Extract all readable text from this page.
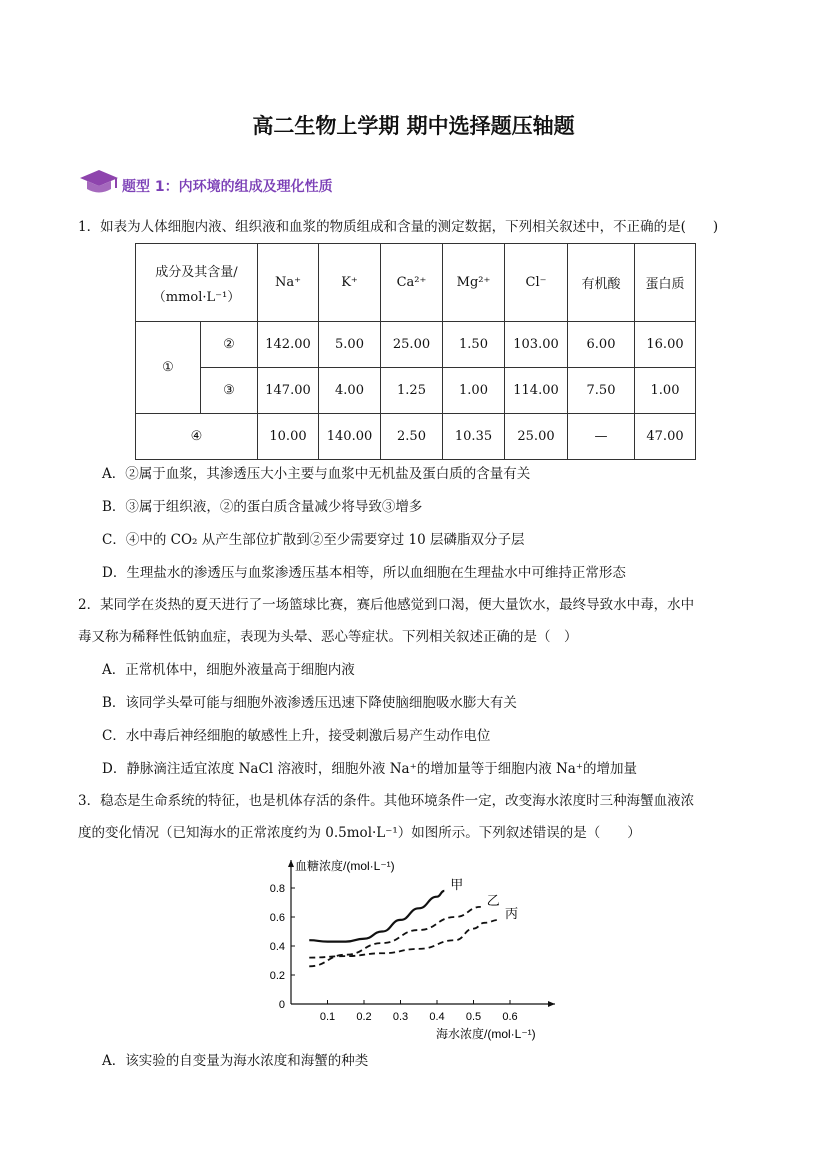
高二生物上学期 期中选择题压轴题
题型 1：内环境的组成及理化性质
1．如表为人体细胞内液、组织液和血浆的物质组成和含量的测定数据，下列相关叙述中，不正确的是(　　)
成分及其含量/
（mmol·L⁻¹）		Na⁺	K⁺	Ca²⁺	Mg²⁺	Cl⁻	有机酸	蛋白质
①	②	142.00	5.00	25.00	1.50	103.00	6.00	16.00
	③	147.00	4.00	1.25	1.00	114.00	7.50	1.00
④		10.00	140.00	2.50	10.35	25.00	—	47.00
A．②属于血浆，其渗透压大小主要与血浆中无机盐及蛋白质的含量有关
B．③属于组织液，②的蛋白质含量减少将导致③增多
C．④中的 CO₂ 从产生部位扩散到②至少需要穿过 10 层磷脂双分子层
D．生理盐水的渗透压与血浆渗透压基本相等，所以血细胞在生理盐水中可维持正常形态
2．某同学在炎热的夏天进行了一场篮球比赛，赛后他感觉到口渴，便大量饮水，最终导致水中毒，水中
毒又称为稀释性低钠血症，表现为头晕、恶心等症状。下列相关叙述正确的是（　）
A．正常机体中，细胞外液量高于细胞内液
B．该同学头晕可能与细胞外液渗透压迅速下降使脑细胞吸水膨大有关
C．水中毒后神经细胞的敏感性上升，接受刺激后易产生动作电位
D．静脉滴注适宜浓度 NaCl 溶液时，细胞外液 Na⁺的增加量等于细胞内液 Na⁺的增加量
3．稳态是生命系统的特征，也是机体存活的条件。其他环境条件一定，改变海水浓度时三种海蟹血液浓
度的变化情况（已知海水的正常浓度约为 0.5mol·L⁻¹）如图所示。下列叙述错误的是（　　）
0
0.1 0.2 0.3 0.4 0.5 0.6
0.2
0.4
0.6
0.8	甲
乙
丙
血糖浓度/(mol·L⁻¹)
海水浓度/(mol·L⁻¹)
A．该实验的自变量为海水浓度和海蟹的种类
